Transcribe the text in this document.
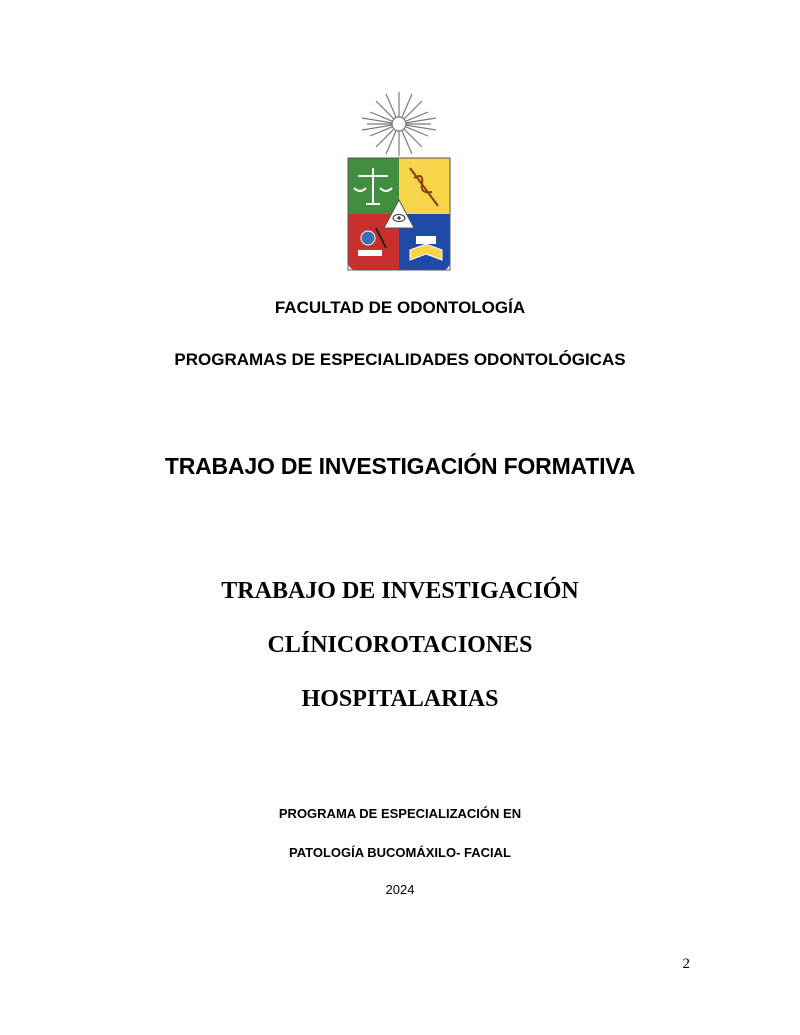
FACULTAD DE ODONTOLOGÍA
PROGRAMAS DE ESPECIALIDADES ODONTOLÓGICAS
TRABAJO DE INVESTIGACIÓN FORMATIVA
TRABAJO DE INVESTIGACIÓN
CLÍNICOROTACIONES
HOSPITALARIAS
PROGRAMA DE ESPECIALIZACIÓN EN
PATOLOGÍA BUCOMÁXILO- FACIAL
2024
2
